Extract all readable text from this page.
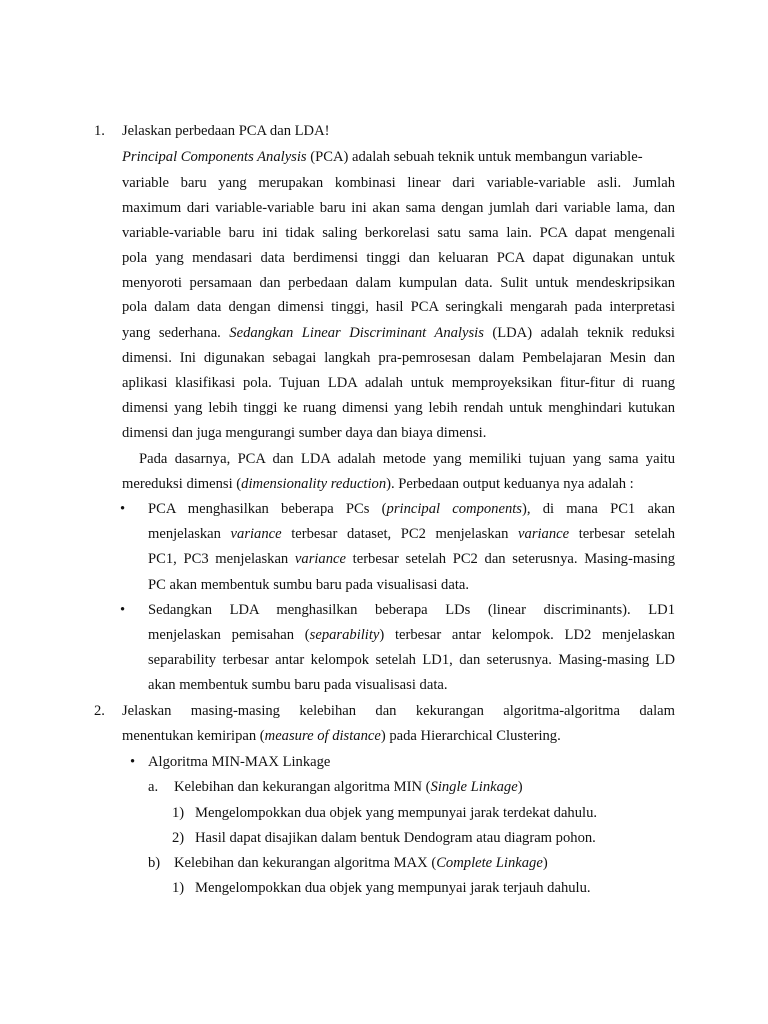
1. Jelaskan perbedaan PCA dan LDA!
Principal Components Analysis (PCA) adalah sebuah teknik untuk membangun variable-
variable baru yang merupakan kombinasi linear dari variable-variable asli. Jumlah
maximum dari variable-variable baru ini akan sama dengan jumlah dari variable lama, dan
variable-variable baru ini tidak saling berkorelasi satu sama lain. PCA dapat mengenali
pola yang mendasari data berdimensi tinggi dan keluaran PCA dapat digunakan untuk
menyoroti persamaan dan perbedaan dalam kumpulan data. Sulit untuk mendeskripsikan
pola dalam data dengan dimensi tinggi, hasil PCA seringkali mengarah pada interpretasi
yang sederhana. Sedangkan Linear Discriminant Analysis (LDA) adalah teknik reduksi
dimensi. Ini digunakan sebagai langkah pra-pemrosesan dalam Pembelajaran Mesin dan
aplikasi klasifikasi pola. Tujuan LDA adalah untuk memproyeksikan fitur-fitur di ruang
dimensi yang lebih tinggi ke ruang dimensi yang lebih rendah untuk menghindari kutukan
dimensi dan juga mengurangi sumber daya dan biaya dimensi.
Pada dasarnya, PCA dan LDA adalah metode yang memiliki tujuan yang sama yaitu
mereduksi dimensi (dimensionality reduction). Perbedaan output keduanya nya adalah :
• PCA menghasilkan beberapa PCs (principal components), di mana PC1 akan
menjelaskan variance terbesar dataset, PC2 menjelaskan variance terbesar setelah
PC1, PC3 menjelaskan variance terbesar setelah PC2 dan seterusnya. Masing-masing
PC akan membentuk sumbu baru pada visualisasi data.
• Sedangkan LDA menghasilkan beberapa LDs (linear discriminants). LD1
menjelaskan pemisahan (separability) terbesar antar kelompok. LD2 menjelaskan
separability terbesar antar kelompok setelah LD1, dan seterusnya. Masing-masing LD
akan membentuk sumbu baru pada visualisasi data.
2. Jelaskan masing-masing kelebihan dan kekurangan algoritma-algoritma dalam
menentukan kemiripan (measure of distance) pada Hierarchical Clustering.
• Algoritma MIN-MAX Linkage
a. Kelebihan dan kekurangan algoritma MIN (Single Linkage)
1) Mengelompokkan dua objek yang mempunyai jarak terdekat dahulu.
2) Hasil dapat disajikan dalam bentuk Dendogram atau diagram pohon.
b) Kelebihan dan kekurangan algoritma MAX (Complete Linkage)
1) Mengelompokkan dua objek yang mempunyai jarak terjauh dahulu.
